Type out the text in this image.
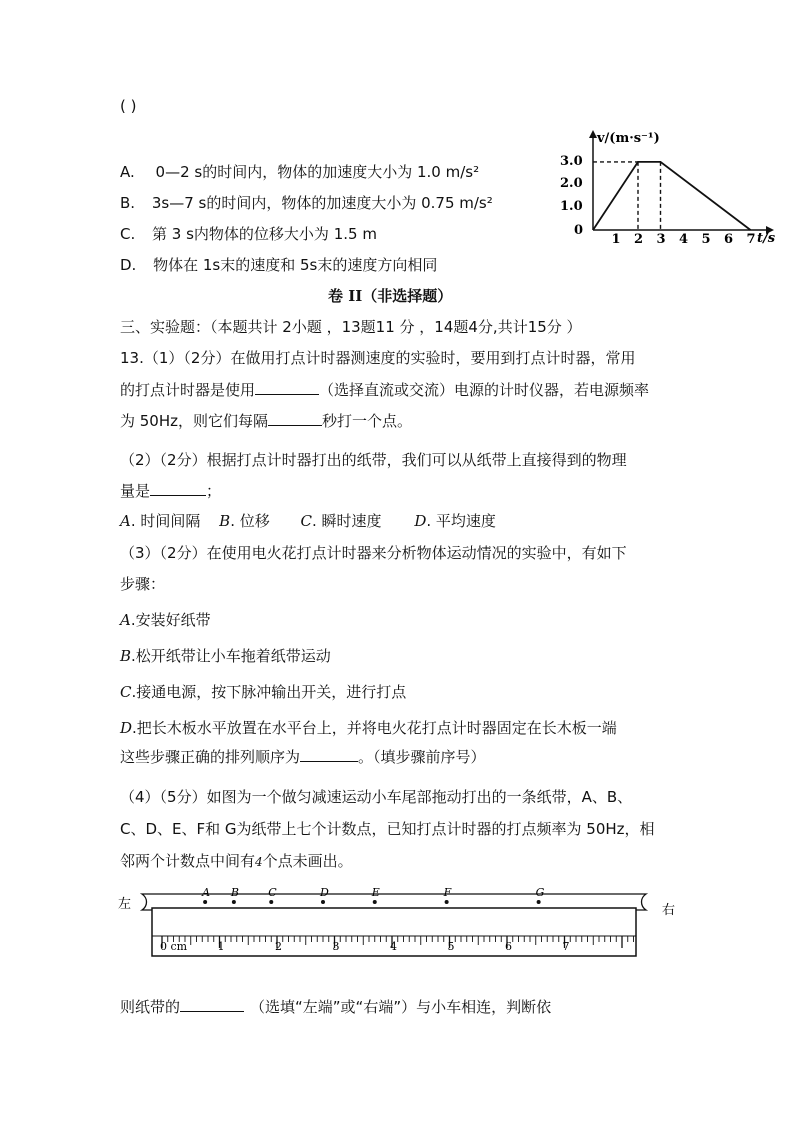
( )
A. 0—2 s的时间内，物体的加速度大小为 1.0 m/s²
B. 3s—7 s的时间内，物体的加速度大小为 0.75 m/s²
C. 第 3 s内物体的位移大小为 1.5 m
D. 物体在 1s末的速度和 5s末的速度方向相同
v/(m·s⁻¹)
t/s
3.0
2.0
1.0
0
1 2 3 4 5 6 7
卷 II（非选择题）
三、实验题：（本题共计 2小题 ，13题11 分 ，14题4分,共计15分 ）
13.（1）（2分）在做用打点计时器测速度的实验时，要用到打点计时器，常用
的打点计时器是使用	（选择直流或交流）电源的计时仪器，若电源频率
为 50Hz，则它们每隔	秒打一个点。
（2）（2分）根据打点计时器打出的纸带，我们可以从纸带上直接得到的物理
量是	；
A. 时间间隔 B. 位移 C. 瞬时速度 D. 平均速度
（3）（2分）在使用电火花打点计时器来分析物体运动情况的实验中，有如下
步骤：
A.安装好纸带
B.松开纸带让小车拖着纸带运动
C.接通电源，按下脉冲输出开关，进行打点
D.把长木板水平放置在水平台上，并将电火花打点计时器固定在长木板一端
这些步骤正确的排列顺序为	。（填步骤前序号）
（4）（5分）如图为一个做匀减速运动小车尾部拖动打出的一条纸带，A、B、
C、D、E、F和 G为纸带上七个计数点，已知打点计时器的打点频率为 50Hz，相
邻两个计数点中间有4个点未画出。
左	右
0 cm	1	2	3	4	5	6	7
A B	C	D	E	F	G
则纸带的	（选填“左端”或“右端”）与小车相连，判断依
